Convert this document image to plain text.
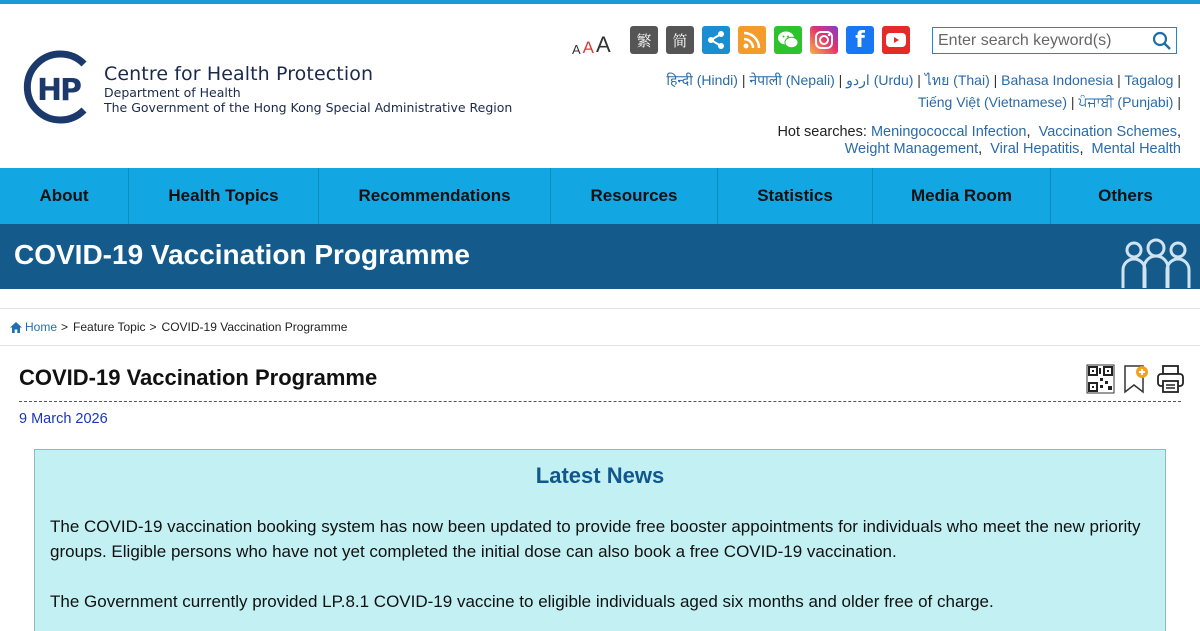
H
P Centre for Health Protection
Department of Health
The Government of the Hong Kong Special Administrative Region
A A A	繁	简	f
Enter search keyword(s)
हिन्दी (Hindi) | नेपाली (Nepali) | اردو (Urdu) | ไทย (Thai) | Bahasa Indonesia | Tagalog |
Tiếng Việt (Vietnamese) | ਪੰਜਾਬੀ (Punjabi) |
Hot searches: Meningococcal Infection,  Vaccination Schemes,
Weight Management,  Viral Hepatitis,  Mental Health
About	Health Topics	Recommendations	Resources	Statistics	Media Room	Others
COVID-19 Vaccination Programme
Home > Feature Topic > COVID-19 Vaccination Programme
COVID-19 Vaccination Programme
9 March 2026
Latest News

The COVID-19 vaccination booking system has now been updated to provide free booster appointments for individuals who meet the new priority groups. Eligible persons who have not yet completed the initial dose can also book a free COVID-19 vaccination.

The Government currently provided LP.8.1 COVID-19 vaccine to eligible individuals aged six months and older free of charge.
